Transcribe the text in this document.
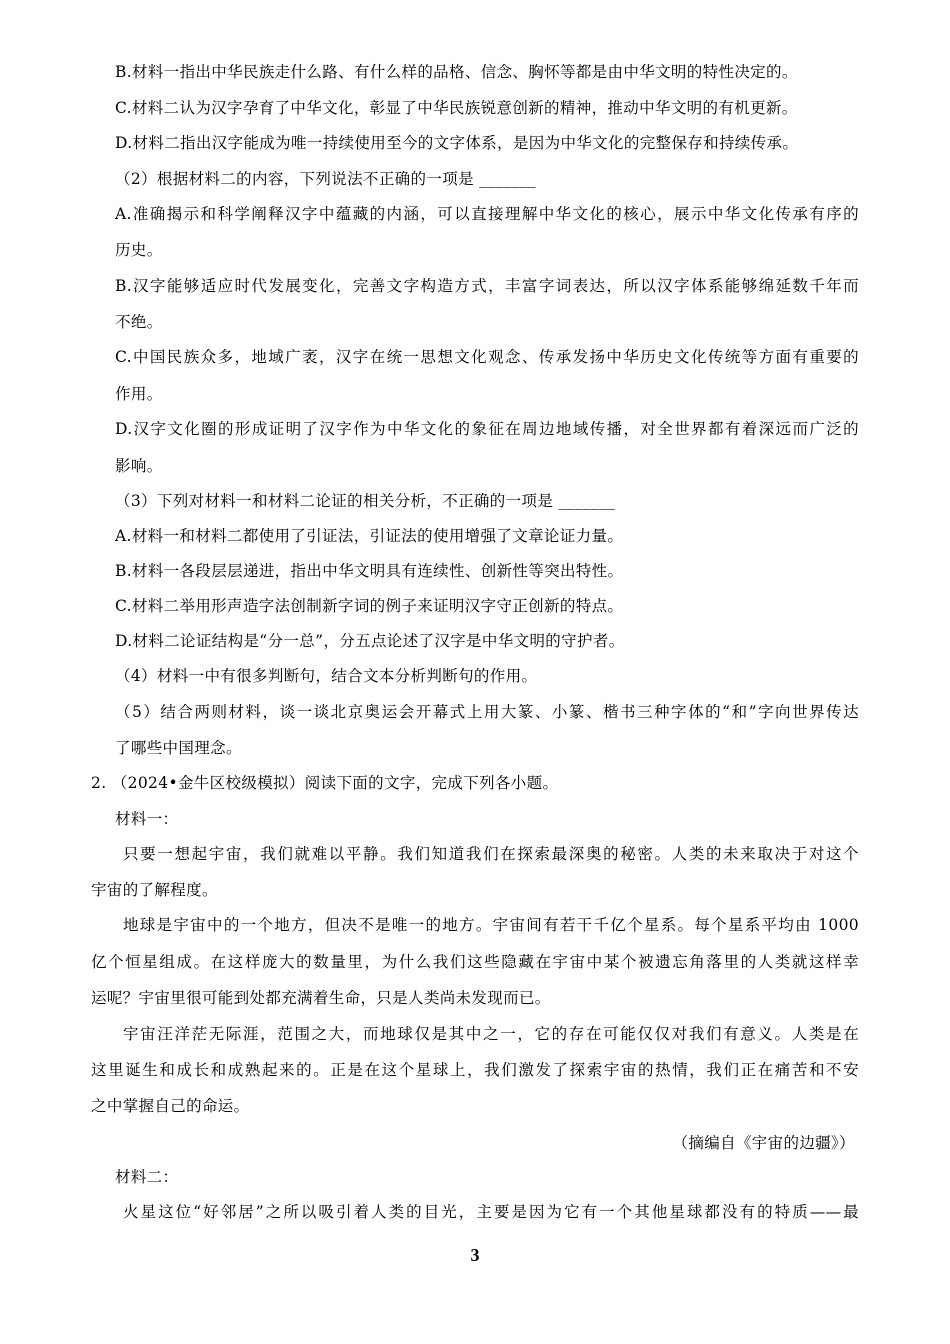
B.材料一指出中华民族走什么路、有什么样的品格、信念、胸怀等都是由中华文明的特性决定的。
C.材料二认为汉字孕育了中华文化，彰显了中华民族锐意创新的精神，推动中华文明的有机更新。
D.材料二指出汉字能成为唯一持续使用至今的文字体系，是因为中华文化的完整保存和持续传承。
（2）根据材料二的内容，下列说法不正确的一项是 _______
A.准确揭示和科学阐释汉字中蕴藏的内涵，可以直接理解中华文化的核心，展示中华文化传承有序的
历史。
B.汉字能够适应时代发展变化，完善文字构造方式，丰富字词表达，所以汉字体系能够绵延数千年而
不绝。
C.中国民族众多，地域广袤，汉字在统一思想文化观念、传承发扬中华历史文化传统等方面有重要的
作用。
D.汉字文化圈的形成证明了汉字作为中华文化的象征在周边地域传播，对全世界都有着深远而广泛的
影响。
（3）下列对材料一和材料二论证的相关分析，不正确的一项是 _______
A.材料一和材料二都使用了引证法，引证法的使用增强了文章论证力量。
B.材料一各段层层递进，指出中华文明具有连续性、创新性等突出特性。
C.材料二举用形声造字法创制新字词的例子来证明汉字守正创新的特点。
D.材料二论证结构是“分一总”，分五点论述了汉字是中华文明的守护者。
（4）材料一中有很多判断句，结合文本分析判断句的作用。
（5）结合两则材料，谈一谈北京奥运会开幕式上用大篆、小篆、楷书三种字体的“和”字向世界传达
了哪些中国理念。
2. （2024•金牛区校级模拟）阅读下面的文字，完成下列各小题。
材料一：
只要一想起宇宙，我们就难以平静。我们知道我们在探索最深奥的秘密。人类的未来取决于对这个
宇宙的了解程度。
地球是宇宙中的一个地方，但决不是唯一的地方。宇宙间有若干千亿个星系。每个星系平均由 1000
亿个恒星组成。在这样庞大的数量里，为什么我们这些隐藏在宇宙中某个被遗忘角落里的人类就这样幸
运呢？宇宙里很可能到处都充满着生命，只是人类尚未发现而已。
宇宙汪洋茫无际涯，范围之大，而地球仅是其中之一，它的存在可能仅仅对我们有意义。人类是在
这里诞生和成长和成熟起来的。正是在这个星球上，我们激发了探索宇宙的热情，我们正在痛苦和不安
之中掌握自己的命运。
（摘编自《宇宙的边疆》）
材料二：
火星这位“好邻居”之所以吸引着人类的目光，主要是因为它有一个其他星球都没有的特质——最
3
